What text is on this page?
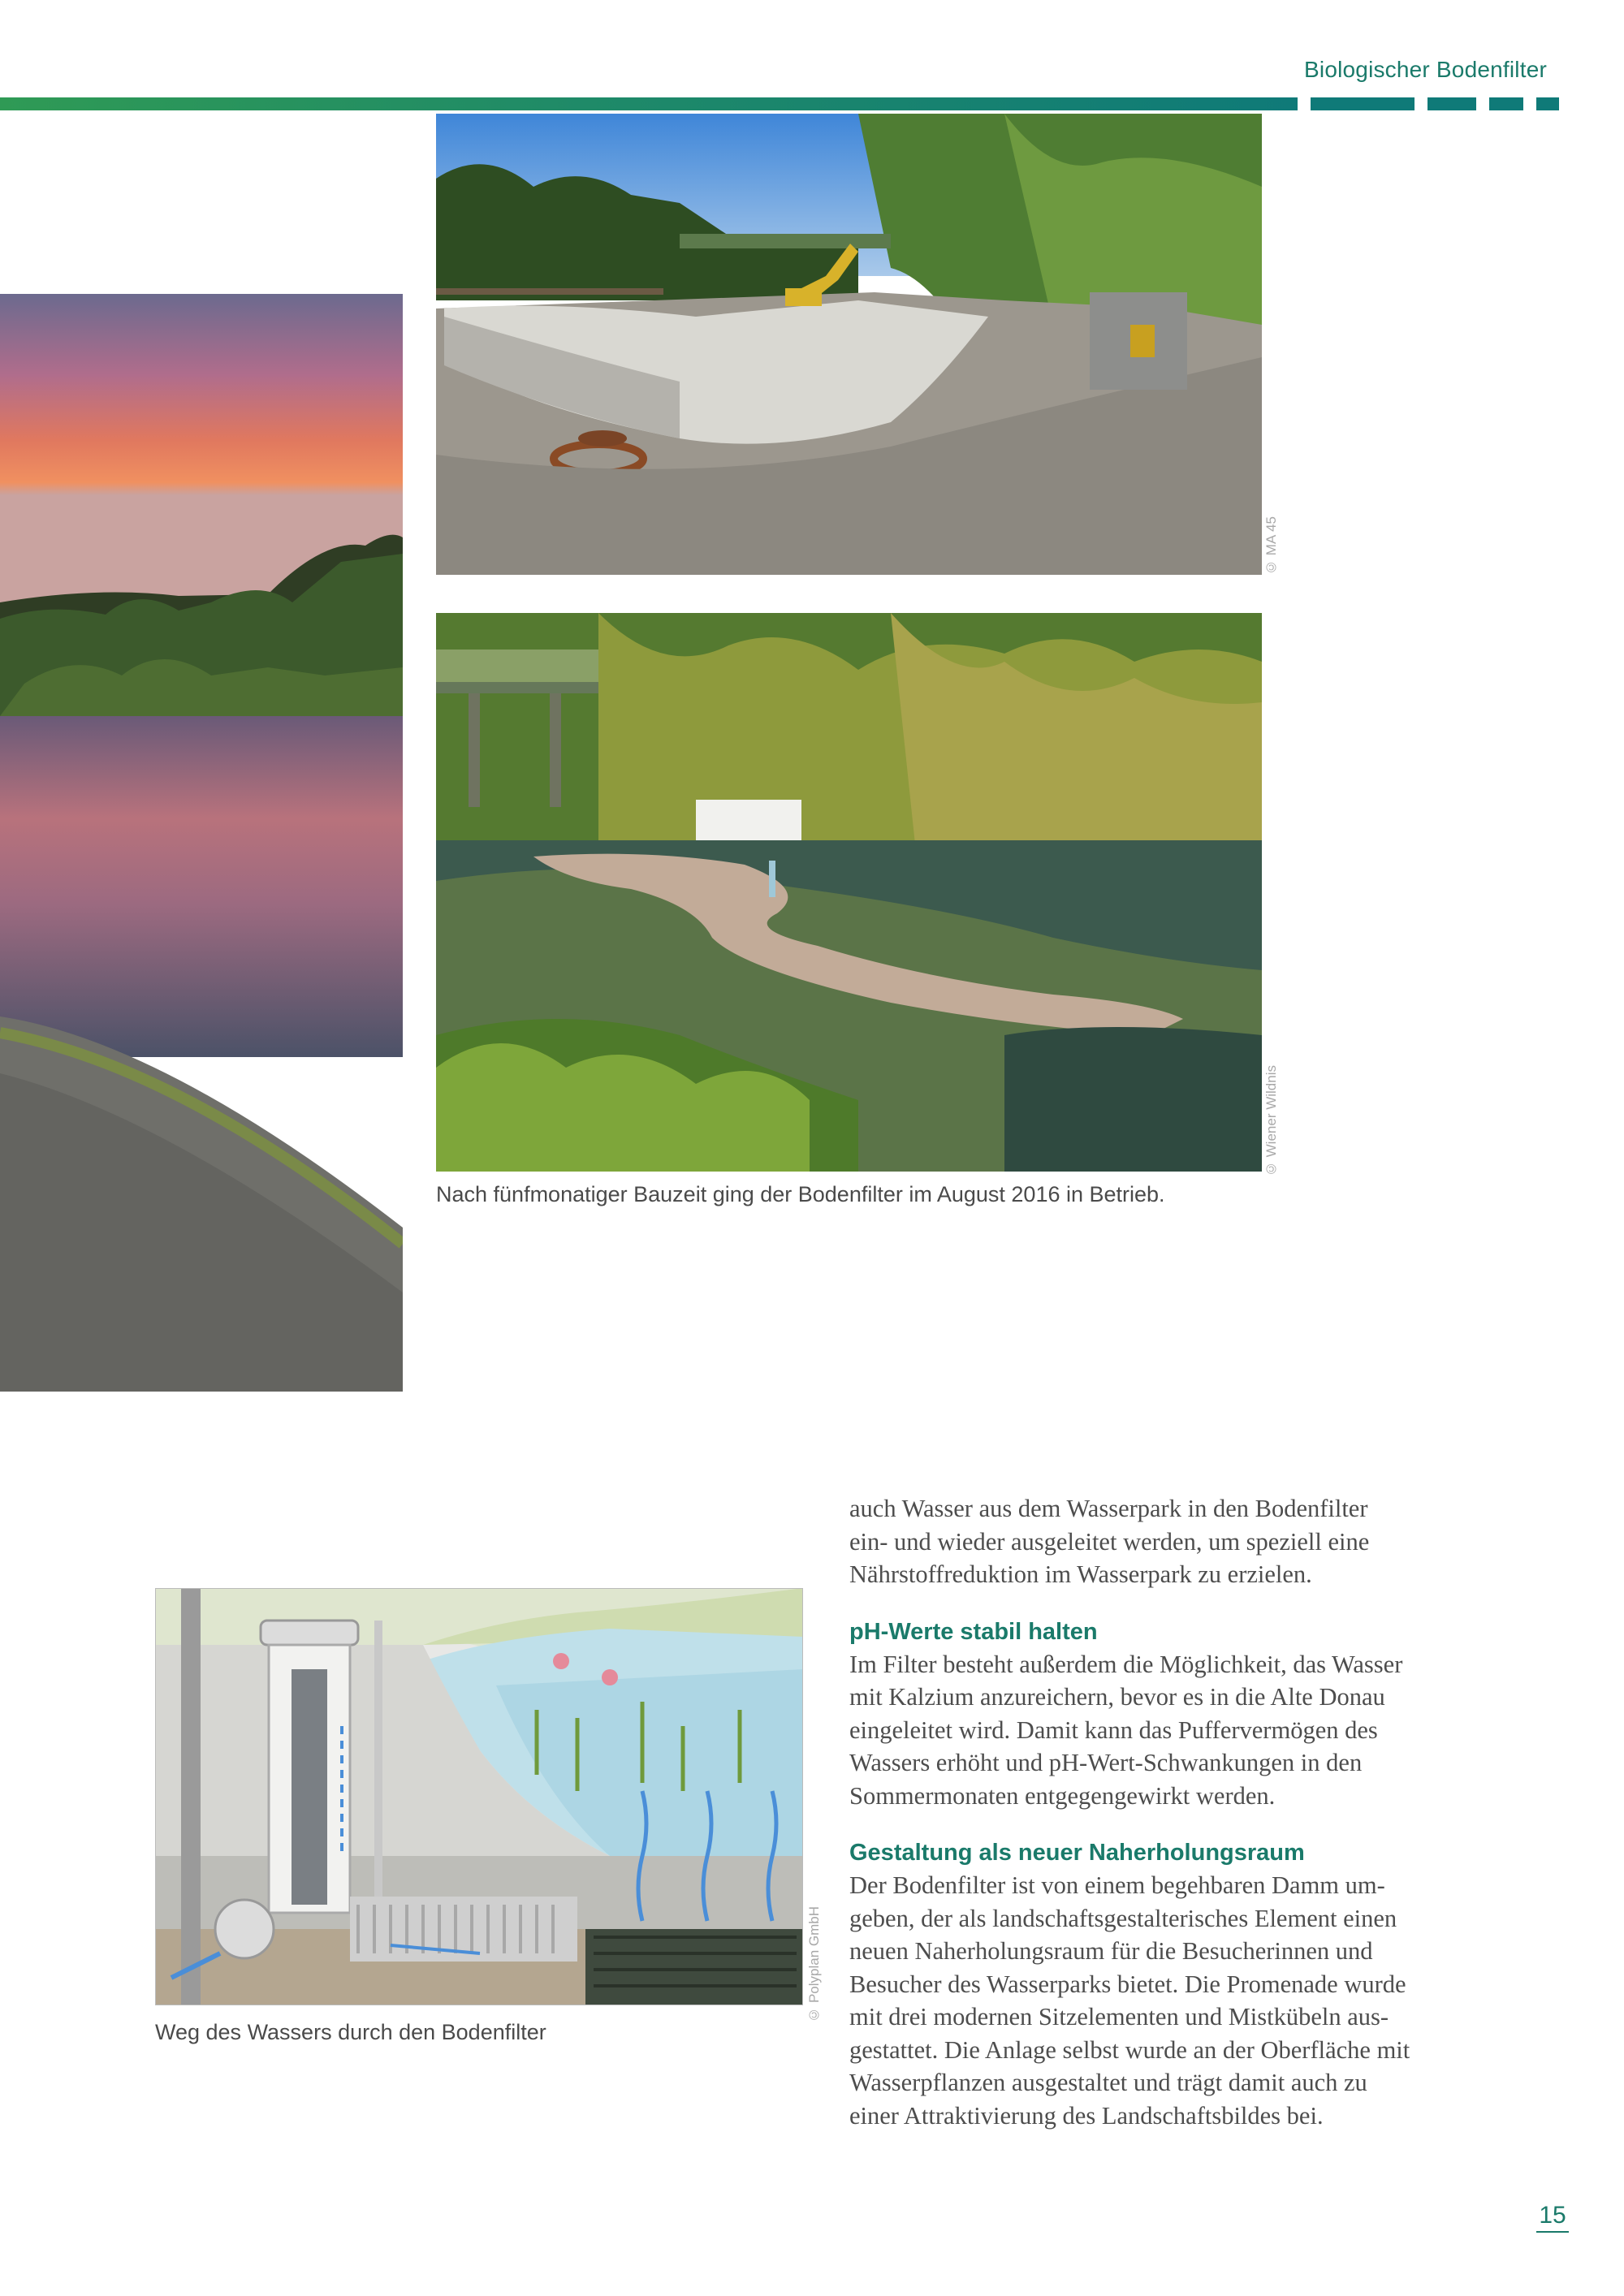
Biologischer Bodenfilter
© MA 45
© Wiener Wildnis
Nach fünfmonatiger Bauzeit ging der Bodenfilter im August 2016 in Betrieb.
© Polyplan GmbH
Weg des Wassers durch den Bodenfilter

auch Wasser aus dem Wasserpark in den Bodenfilter
ein- und wieder ausgeleitet werden, um speziell eine
Nährstoffreduktion im Wasserpark zu erzielen.

pH-Werte stabil halten

Im Filter besteht außerdem die Möglichkeit, das Wasser
mit Kalzium anzureichern, bevor es in die Alte Donau
eingeleitet wird. Damit kann das Puffervermögen des
Wassers erhöht und pH-Wert-Schwankungen in den
Sommermonaten entgegengewirkt werden.

Gestaltung als neuer Naherholungsraum

Der Bodenfilter ist von einem begehbaren Damm um-
geben, der als landschaftsgestalterisches Element einen
neuen Naherholungsraum für die Besucherinnen und
Besucher des Wasserparks bietet. Die Promenade wurde
mit drei modernen Sitzelementen und Mistkübeln aus-
gestattet. Die Anlage selbst wurde an der Oberfläche mit
Wasserpflanzen ausgestaltet und trägt damit auch zu
einer Attraktivierung des Landschaftsbildes bei.

15
